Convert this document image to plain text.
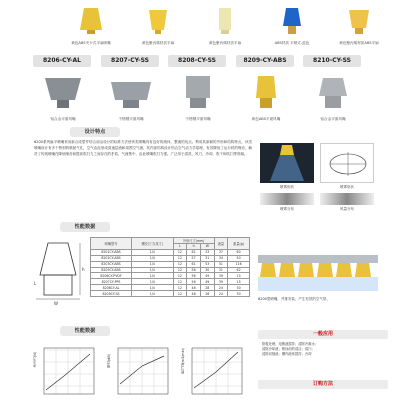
黄色ABS夹卡式平扇喷嘴	黄色聚丙烯材质平扇	黄色聚丙烯材质平扇	ABS材质 平喷式-蓝色	黄色聚丙烯材质ABS平扇
8206-CY-AL	8207-CY-SS	8208-CY-SS	8209-CY-ABS	8210-CY-SS
铝合金平面风嘴	不锈钢平面风嘴	不锈钢平面风嘴	黄色ABS平面风嘴	铝合金平面风嘴
设计特点
8200系列扁平喷嘴采用新合成型并结合前沿设计的标准方法使该类喷嘴具有良好的流体，整流的优点。利用其新颖的外形和结构特点，该类喷嘴设计有多个特别的喷射气孔，空气由此形成高速层流和周围空气流，其内部结构设计结合空气动力学原理，有效降低了运行时的噪音，解决了传统喷嘴在降低噪音和提高吹扫力之间存在的矛盾，气流集中，由此喷嘴吹扫力强。广泛用于清洗、风刀、冷却、吹干和吹扫等领域。
喷雾形状	喷雾形状
喷雾分布	风量分布
性能数据
W
h
L
喷嘴型号	螺纹尺寸(英寸)	外形尺寸(mm)			流量	重量(g)
		L	h	W		
8201CY-ABS	1/4	12	61	33	37	60
8202CY-ABS	1/4	12	57	31	34	50
8203CY-ABS	1/4	12	61	53	51	116
8205CY-ABS	1/4	12	56	30	31	62
8206CY-PVDF	1/4	12	56	49	39	15
8207CY-PPS	1/4	12	56	49	39	15
8208CY-AL	1/4	12	48	28	24	30
8209CY-SS	1/4	12	48	28	24	30
8200型喷嘴，并排安装，产生有效的空气带。
一般应用
阳极处理；电镀液搅拌；清除冷凝水；
清除冷却液；喷涂前的清洁；清扫；
清除切削液；槽内液体搅拌；冷却
订购方法
性能数据
冲击力(N)	噪音(dB)	耗气量(m3/min)
